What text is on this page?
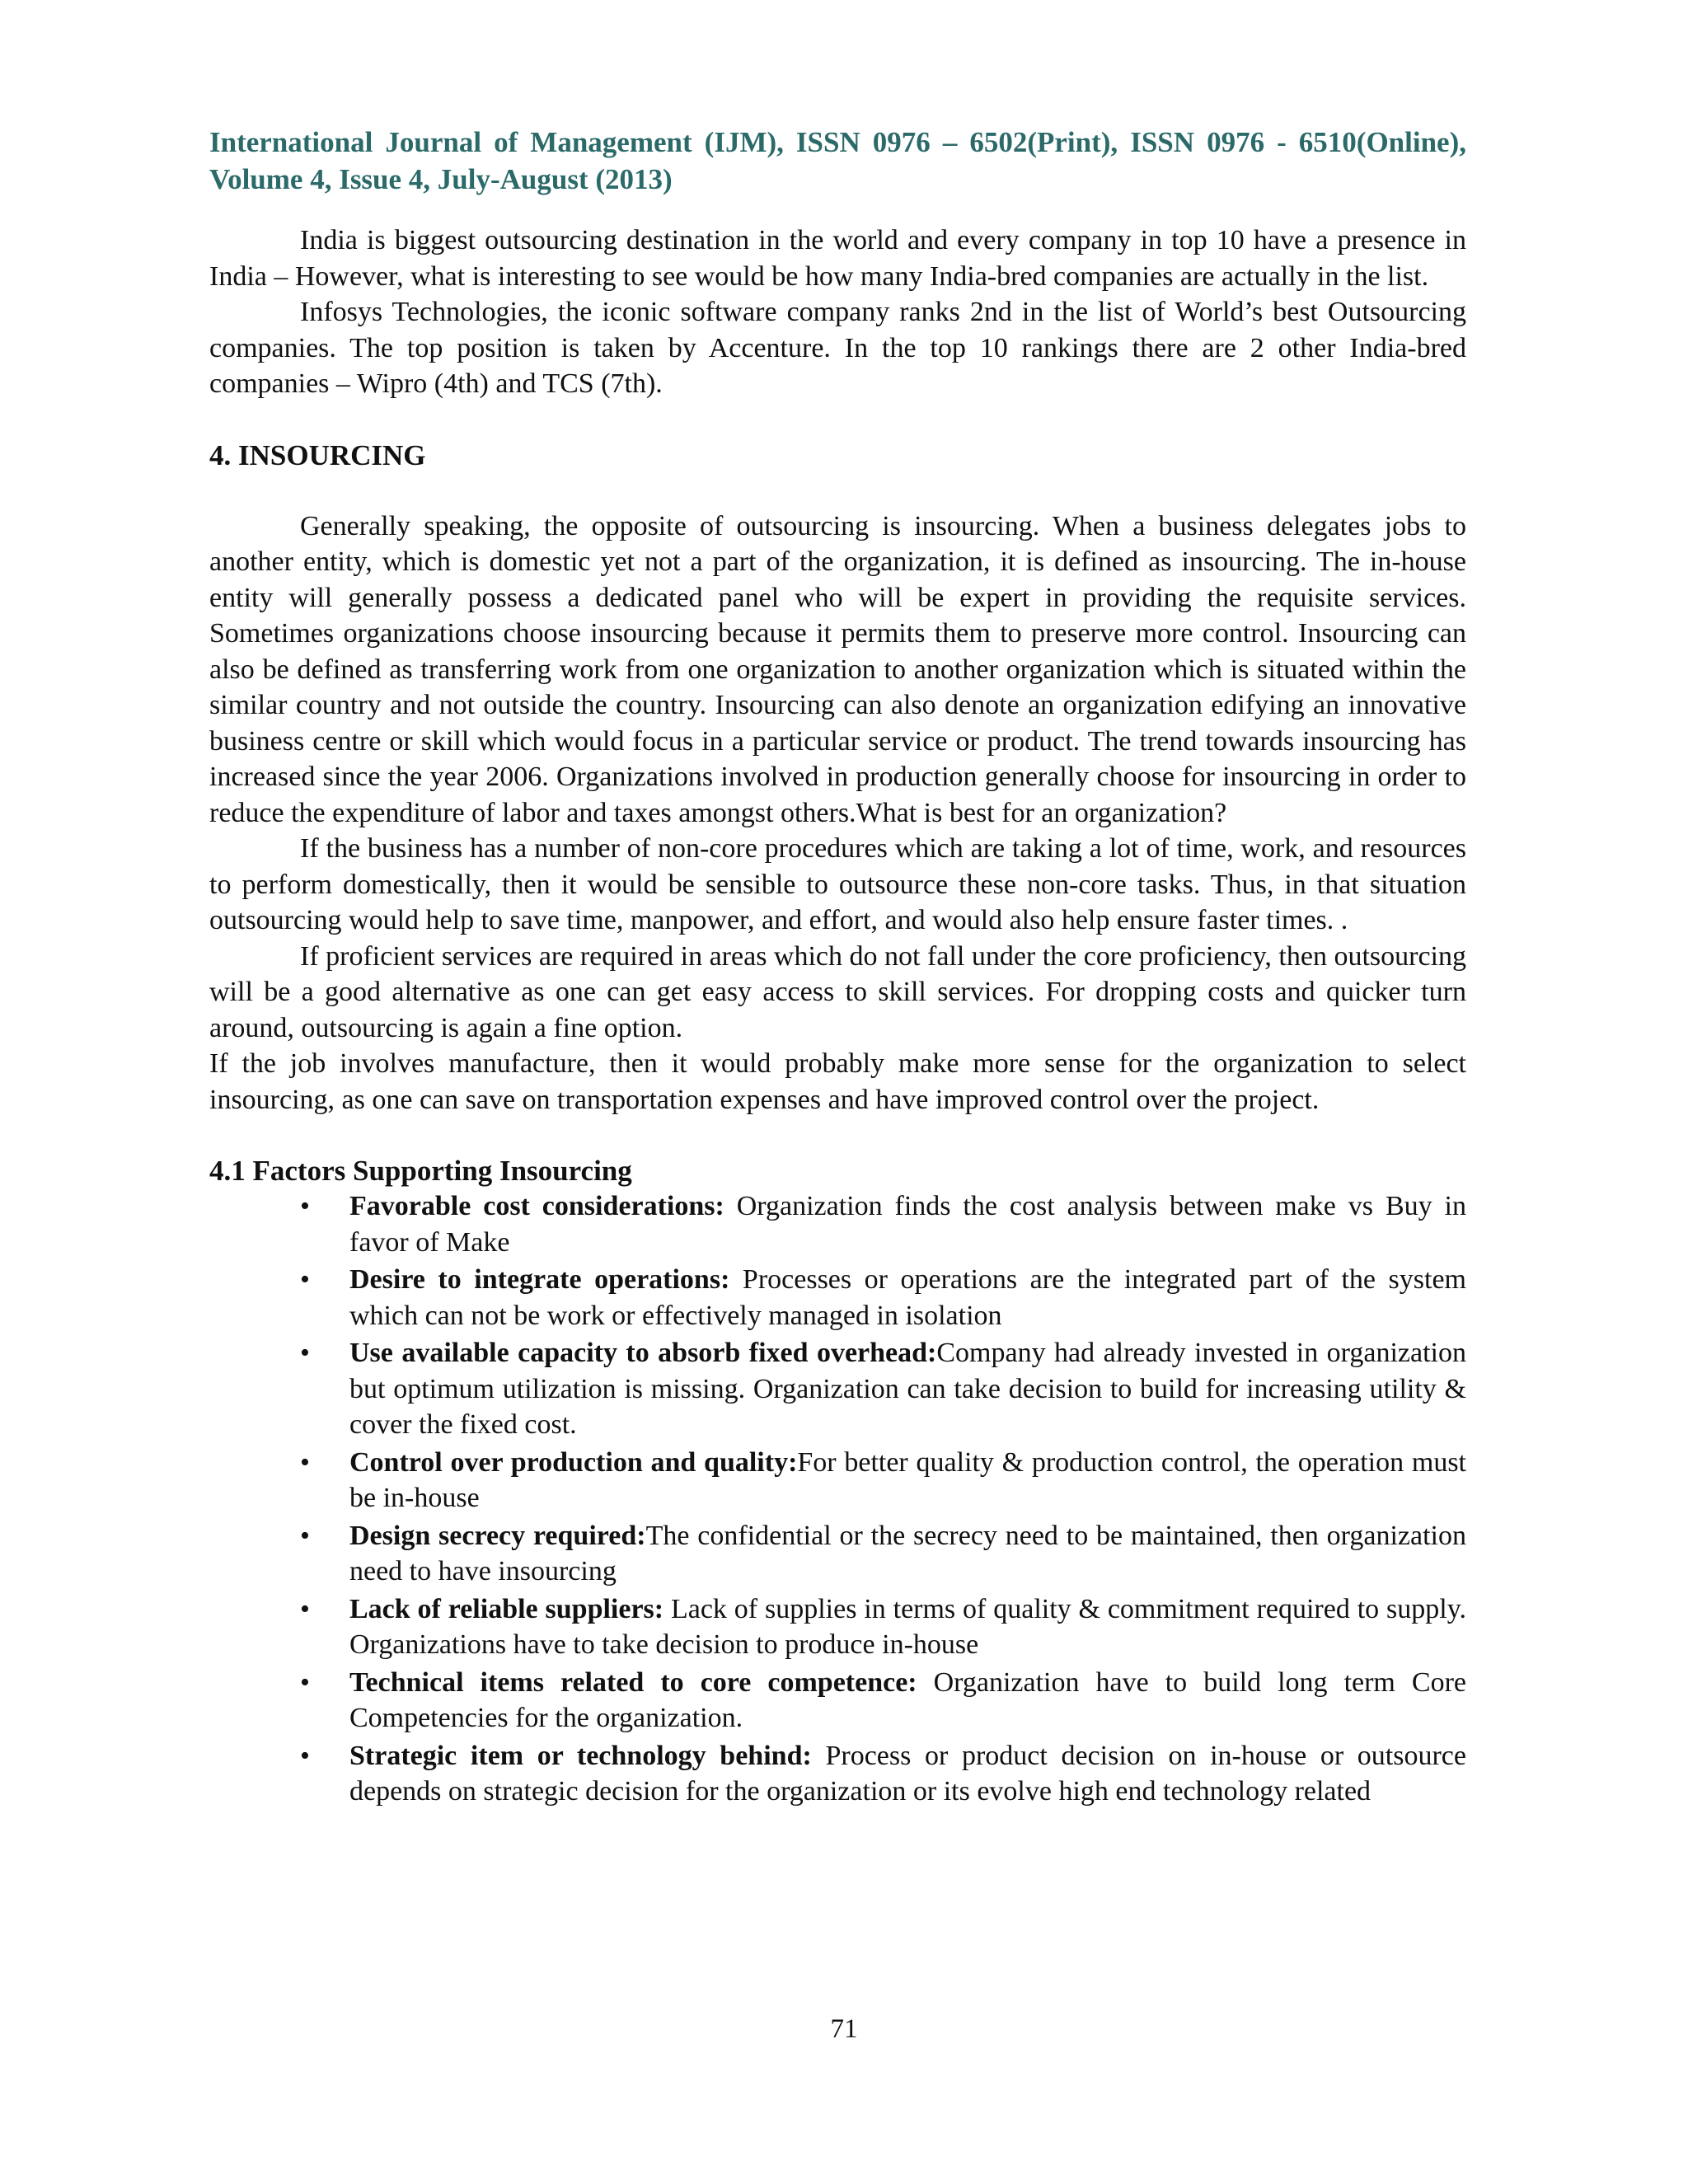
International Journal of Management (IJM), ISSN 0976 – 6502(Print), ISSN 0976 - 6510(Online), Volume 4, Issue 4, July-August (2013)

India is biggest outsourcing destination in the world and every company in top 10 have a presence in India – However, what is interesting to see would be how many India-bred companies are actually in the list.

Infosys Technologies, the iconic software company ranks 2nd in the list of World’s best Outsourcing companies. The top position is taken by Accenture. In the top 10 rankings there are 2 other India-bred companies – Wipro (4th) and TCS (7th).

4. INSOURCING

Generally speaking, the opposite of outsourcing is insourcing. When a business delegates jobs to another entity, which is domestic yet not a part of the organization, it is defined as insourcing. The in-house entity will generally possess a dedicated panel who will be expert in providing the requisite services. Sometimes organizations choose insourcing because it permits them to preserve more control. Insourcing can also be defined as transferring work from one organization to another organization which is situated within the similar country and not outside the country. Insourcing can also denote an organization edifying an innovative business centre or skill which would focus in a particular service or product. The trend towards insourcing has increased since the year 2006. Organizations involved in production generally choose for insourcing in order to reduce the expenditure of labor and taxes amongst others.What is best for an organization?

If the business has a number of non-core procedures which are taking a lot of time, work, and resources to perform domestically, then it would be sensible to outsource these non-core tasks. Thus, in that situation outsourcing would help to save time, manpower, and effort, and would also help ensure faster times. .

If proficient services are required in areas which do not fall under the core proficiency, then outsourcing will be a good alternative as one can get easy access to skill services. For dropping costs and quicker turn around, outsourcing is again a fine option.

If the job involves manufacture, then it would probably make more sense for the organization to select insourcing, as one can save on transportation expenses and have improved control over the project.

4.1 Factors Supporting Insourcing
• Favorable cost considerations: Organization finds the cost analysis between make vs Buy in favor of Make
• Desire to integrate operations: Processes or operations are the integrated part of the system which can not be work or effectively managed in isolation
• Use available capacity to absorb fixed overhead:Company had already invested in organization but optimum utilization is missing. Organization can take decision to build for increasing utility & cover the fixed cost.
• Control over production and quality:For better quality & production control, the operation must be in-house
• Design secrecy required:The confidential or the secrecy need to be maintained, then organization need to have insourcing
• Lack of reliable suppliers: Lack of supplies in terms of quality & commitment required to supply. Organizations have to take decision to produce in-house
• Technical items related to core competence: Organization have to build long term Core Competencies for the organization.
• Strategic item or technology behind: Process or product decision on in-house or outsource depends on strategic decision for the organization or its evolve high end technology related
71
